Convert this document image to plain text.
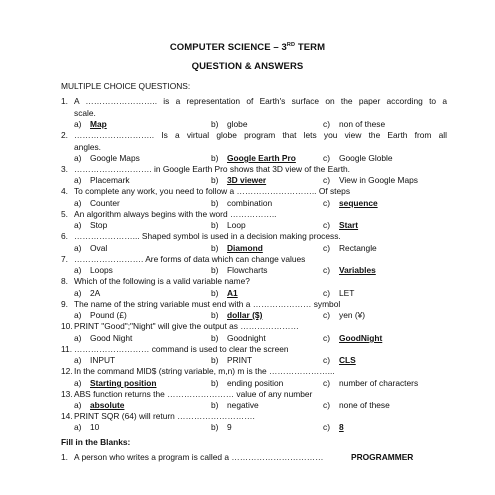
COMPUTER SCIENCE – 3RD TERM
QUESTION & ANSWERS
MULTIPLE CHOICE QUESTIONS:
1. A …………………….. is a representation of Earth's surface on the paper according to a
scale.
a) Map	b) globe	c) non of these
2. ……………………….. Is a virtual globe program that lets you view the Earth from all
angles.
a) Google Maps	b) Google Earth Pro	c) Google Globle
3. ………………………. in Google Earth Pro shows that 3D view of the Earth.
a) Placemark	b) 3D viewer	c) View in Google Maps
4. To complete any work, you need to follow a ……………………….. Of steps
a) Counter	b) combination	c) sequence
5. An algorithm always begins with the word ……………..
a) Stop	b) Loop	c) Start
6. …………………... Shaped symbol is used in a decision making process.
a) Oval	b) Diamond	c) Rectangle
7. ……………………. Are forms of data which can change values
a) Loops	b) Flowcharts	c) Variables
8. Which of the following is a valid variable name?
a) 2A	b) A1	c) LET
9. The name of the string variable must end with a ………………… symbol
a) Pound (£)	b) dollar ($)	c) yen (¥)
10. PRINT "Good";"Night" will give the output as …………………
a) Good Night	b) Goodnight	c) GoodNight
11. ……………………… command is used to clear the screen
a) INPUT	b) PRINT	c) CLS
12. In the command MID$ (string variable, m,n) m is the …………………...
a) Starting position	b) ending position	c) number of characters
13. ABS function returns the …………………… value of any number
a) absolute	b) negative	c) none of these
14. PRINT SQR (64) will return ……………………….
a) 10	b) 9	c) 8
Fill in the Blanks:
1. A person who writes a program is called a ……………………………	PROGRAMMER
